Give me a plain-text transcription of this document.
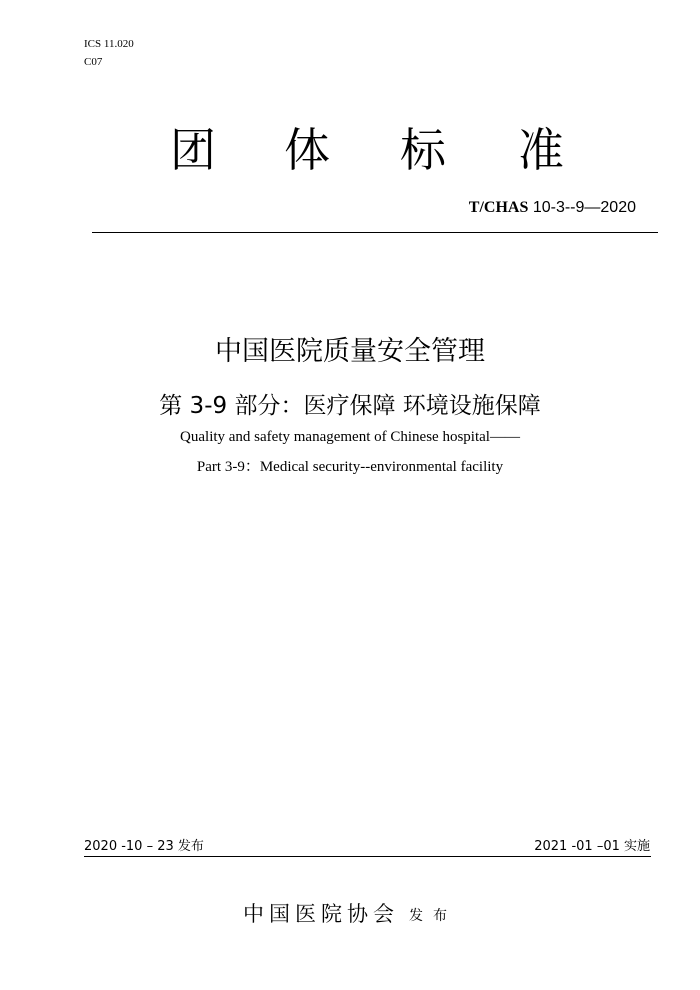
ICS 11.020
C07
团 体 标 准
T/CHAS 10-3--9—2020
中国医院质量安全管理
第 3-9 部分：医疗保障 环境设施保障
Quality and safety management of Chinese hospital——
Part 3-9：Medical security--environmental facility
2020 -10 – 23 发布	2021 -01 –01 实施
中国医院协会 发布
